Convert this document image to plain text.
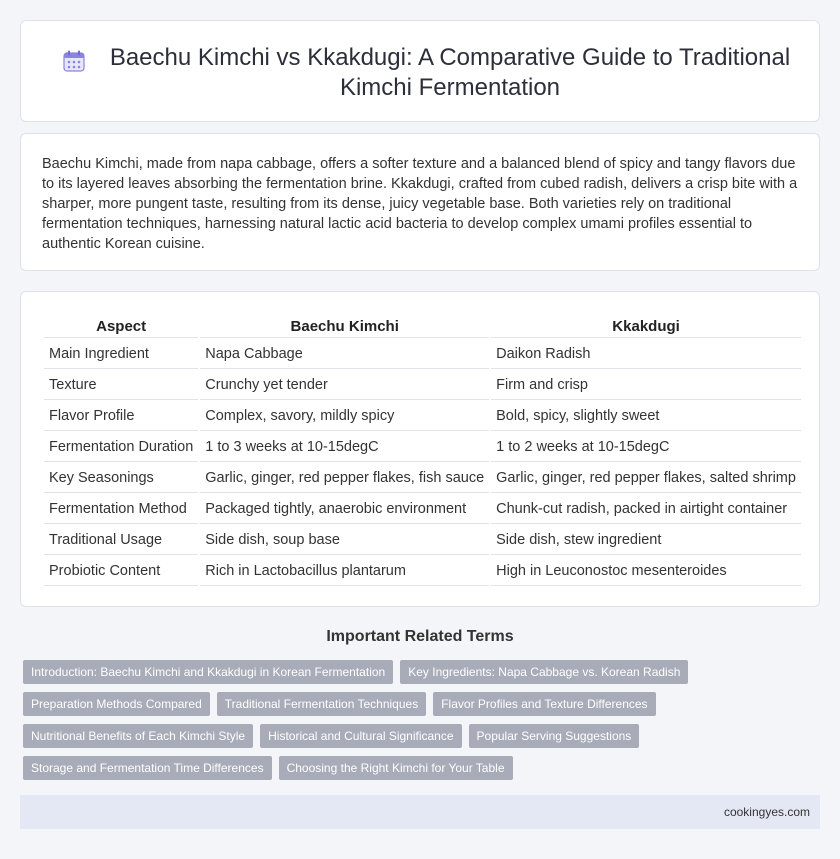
Baechu Kimchi vs Kkakdugi: A Comparative Guide to Traditional Kimchi Fermentation

Baechu Kimchi, made from napa cabbage, offers a softer texture and a balanced blend of spicy and tangy flavors due to its layered leaves absorbing the fermentation brine. Kkakdugi, crafted from cubed radish, delivers a crisp bite with a sharper, more pungent taste, resulting from its dense, juicy vegetable base. Both varieties rely on traditional fermentation techniques, harnessing natural lactic acid bacteria to develop complex umami profiles essential to authentic Korean cuisine.

Aspect	Baechu Kimchi	Kkakdugi
Main Ingredient	Napa Cabbage	Daikon Radish
Texture	Crunchy yet tender	Firm and crisp
Flavor Profile	Complex, savory, mildly spicy	Bold, spicy, slightly sweet
Fermentation Duration	1 to 3 weeks at 10-15degC	1 to 2 weeks at 10-15degC
Key Seasonings	Garlic, ginger, red pepper flakes, fish sauce	Garlic, ginger, red pepper flakes, salted shrimp
Fermentation Method	Packaged tightly, anaerobic environment	Chunk-cut radish, packed in airtight container
Traditional Usage	Side dish, soup base	Side dish, stew ingredient
Probiotic Content	Rich in Lactobacillus plantarum	High in Leuconostoc mesenteroides
Important Related Terms
Introduction: Baechu Kimchi and Kkakdugi in Korean Fermentation	Key Ingredients: Napa Cabbage vs. Korean Radish
Preparation Methods Compared	Traditional Fermentation Techniques	Flavor Profiles and Texture Differences
Nutritional Benefits of Each Kimchi Style	Historical and Cultural Significance	Popular Serving Suggestions
Storage and Fermentation Time Differences	Choosing the Right Kimchi for Your Table
cookingyes.com
